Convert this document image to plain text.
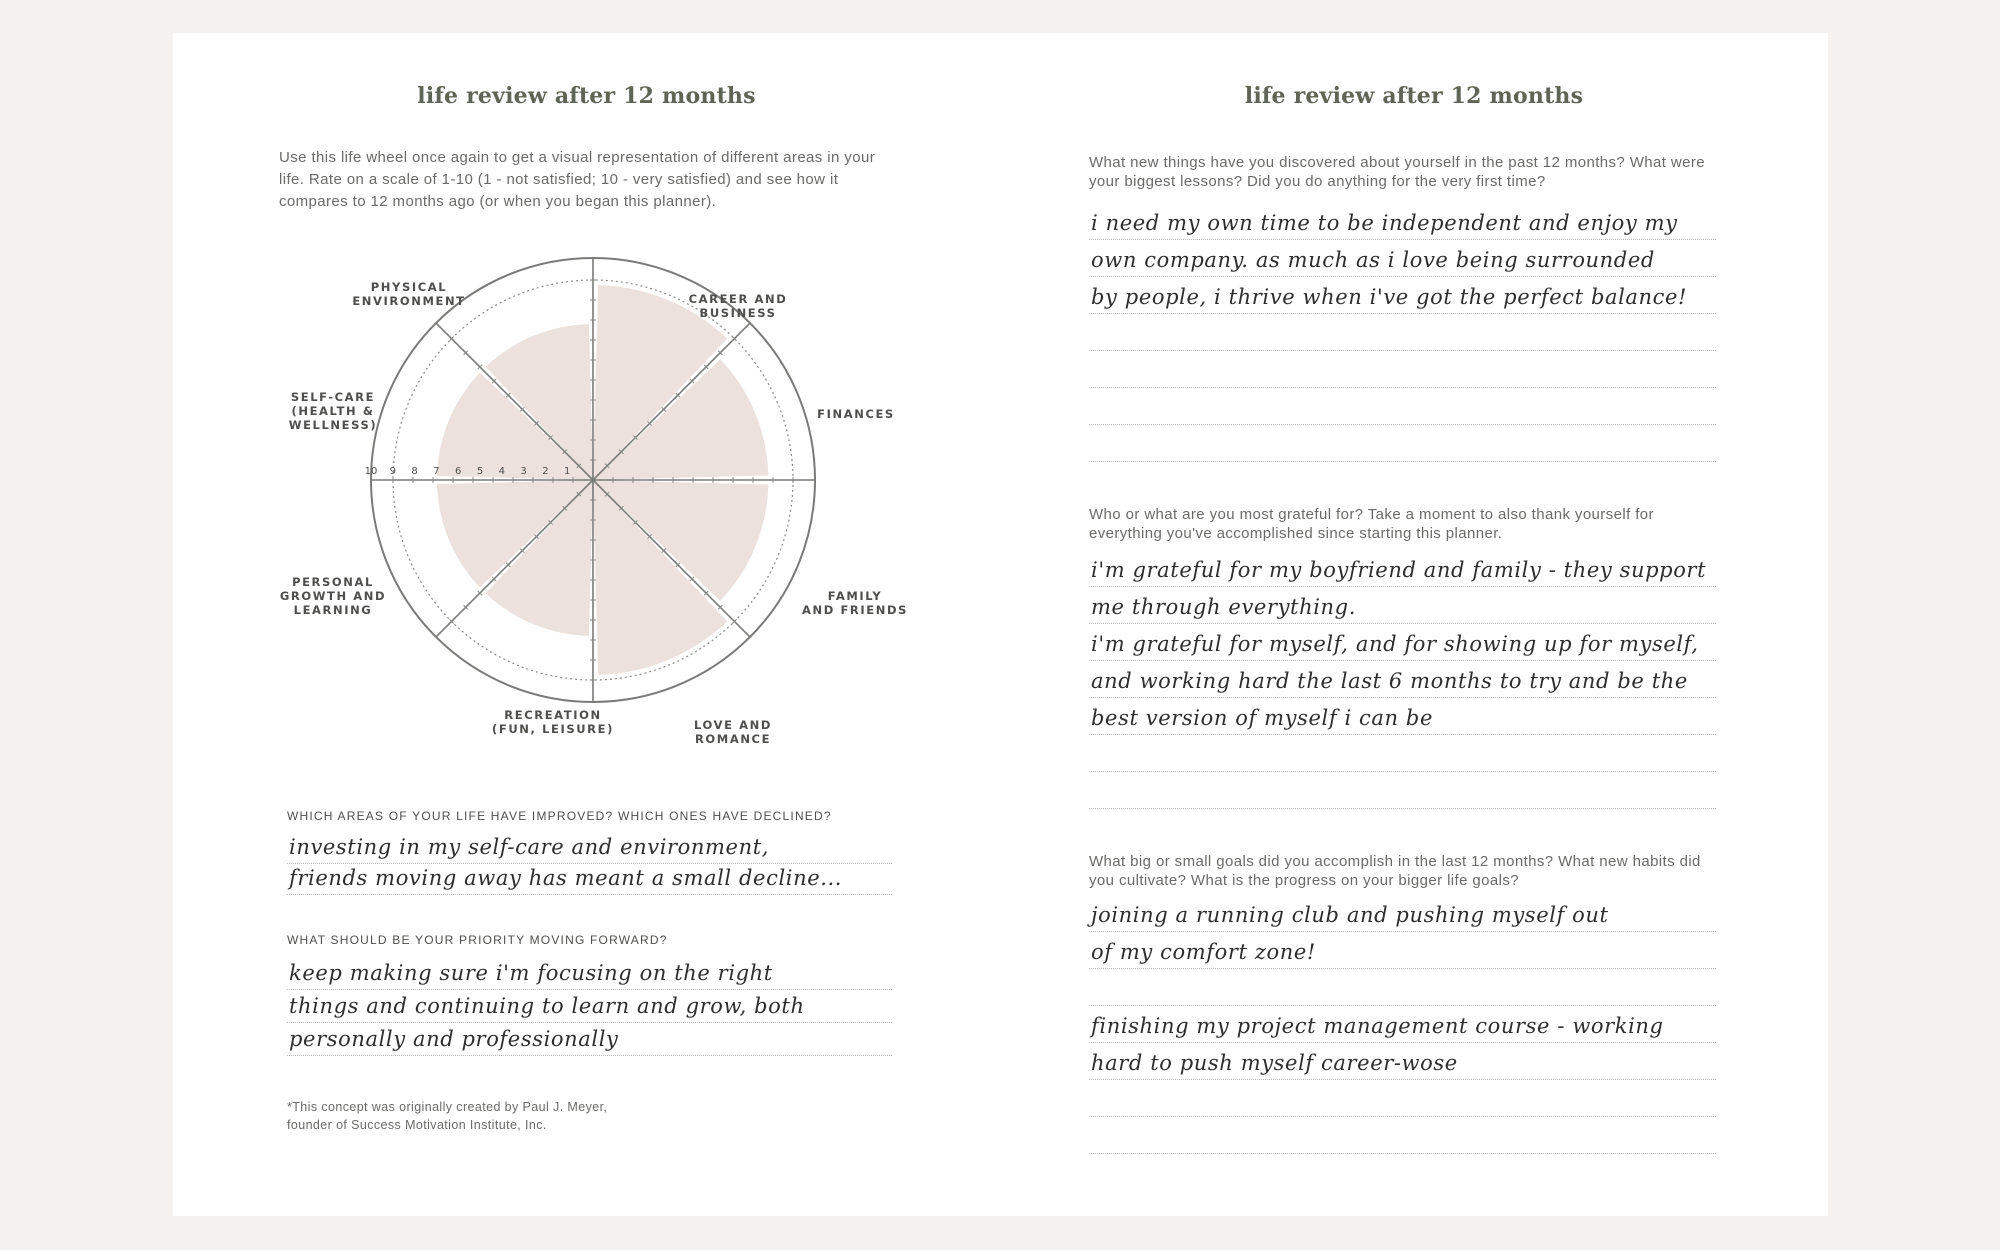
life review after 12 months

Use this life wheel once again to get a visual representation of different areas in your life. Rate on a scale of 1-10 (1 - not satisfied; 10 - very satisfied) and see how it compares to 12 months ago (or when you began this planner).

10 9 8 7 6 5 4 3 2 1
CAREER AND BUSINESS
FINANCES
FAMILY AND FRIENDS
LOVE AND ROMANCE
RECREATION (FUN, LEISURE)
PERSONAL GROWTH AND LEARNING
SELF-CARE (HEALTH & WELLNESS)
PHYSICAL ENVIRONMENT

WHICH AREAS OF YOUR LIFE HAVE IMPROVED? WHICH ONES HAVE DECLINED?

investing in my self-care and environment,
friends moving away has meant a small decline...

WHAT SHOULD BE YOUR PRIORITY MOVING FORWARD?

keep making sure i'm focusing on the right
things and continuing to learn and grow, both
personally and professionally

*This concept was originally created by Paul J. Meyer,
founder of Success Motivation Institute, Inc.

life review after 12 months

What new things have you discovered about yourself in the past 12 months? What were your biggest lessons? Did you do anything for the very first time?

i need my own time to be independent and enjoy my
own company. as much as i love being surrounded
by people, i thrive when i've got the perfect balance!

Who or what are you most grateful for? Take a moment to also thank yourself for everything you've accomplished since starting this planner.

i'm grateful for my boyfriend and family - they support
me through everything.
i'm grateful for myself, and for showing up for myself,
and working hard the last 6 months to try and be the
best version of myself i can be

What big or small goals did you accomplish in the last 12 months? What new habits did you cultivate? What is the progress on your bigger life goals?

joining a running club and pushing myself out
of my comfort zone!
finishing my project management course - working
hard to push myself career-wose
